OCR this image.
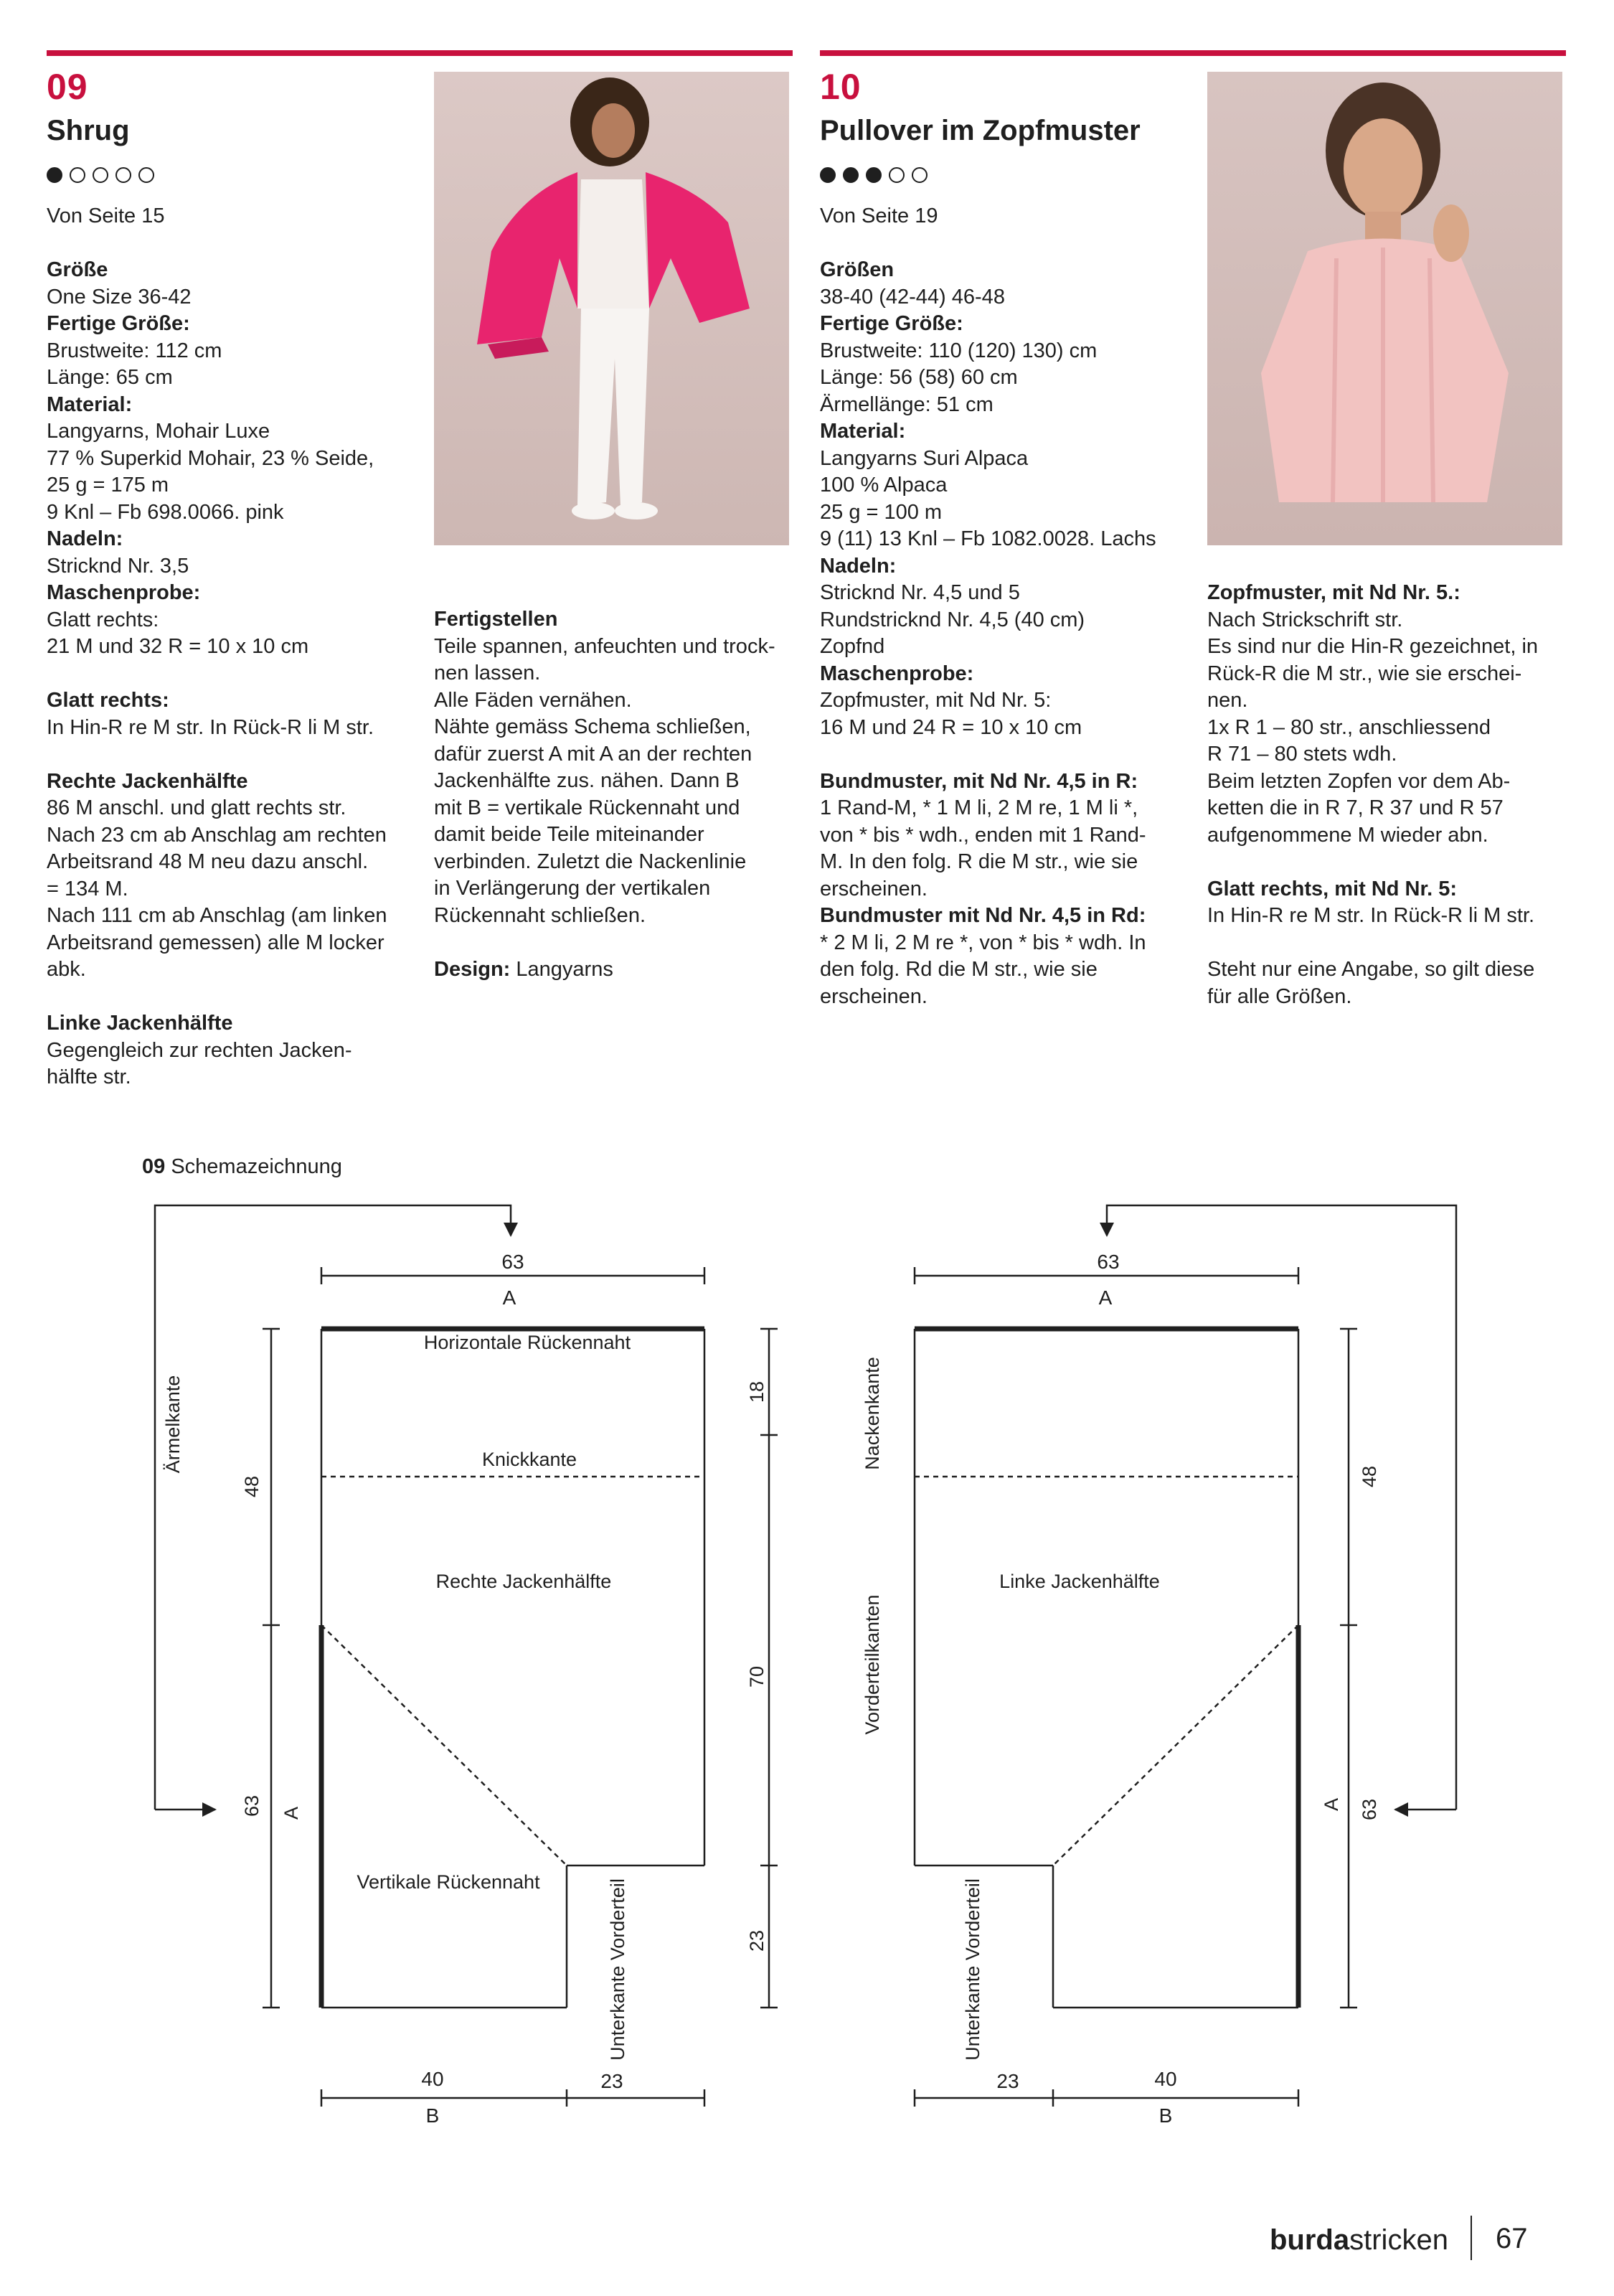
09
Shrug
Von Seite 15
Größe
One Size 36-42
Fertige Größe:
Brustweite: 112 cm
Länge: 65 cm
Material:
Langyarns, Mohair Luxe
77 % Superkid Mohair, 23 % Seide,
25 g = 175 m
9 Knl – Fb 698.0066. pink
Nadeln:
Stricknd Nr. 3,5
Maschenprobe:
Glatt rechts:
21 M und 32 R = 10 x 10 cm
Glatt rechts:
In Hin-R re M str. In Rück-R li M str.
Rechte Jackenhälfte
86 M anschl. und glatt rechts str.
Nach 23 cm ab Anschlag am rechten
Arbeitsrand 48 M neu dazu anschl.
= 134 M.
Nach 111 cm ab Anschlag (am linken
Arbeitsrand gemessen) alle M locker
abk.
Linke Jackenhälfte
Gegengleich zur rechten Jacken-
hälfte str.
Fertigstellen
Teile spannen, anfeuchten und trock-
nen lassen.
Alle Fäden vernähen.
Nähte gemäss Schema schließen,
dafür zuerst A mit A an der rechten
Jackenhälfte zus. nähen. Dann B
mit B = vertikale Rückennaht und
damit beide Teile miteinander
verbinden. Zuletzt die Nackenlinie
in Verlängerung der vertikalen
Rückennaht schließen.
Design: Langyarns
10
Pullover im Zopfmuster
Von Seite 19
Größen
38-40 (42-44) 46-48
Fertige Größe:
Brustweite: 110 (120) 130) cm
Länge: 56 (58) 60 cm
Ärmellänge: 51 cm
Material:
Langyarns Suri Alpaca
100 % Alpaca
25 g = 100 m
9 (11) 13 Knl – Fb 1082.0028. Lachs
Nadeln:
Stricknd Nr. 4,5 und 5
Rundstricknd Nr. 4,5 (40 cm)
Zopfnd
Maschenprobe:
Zopfmuster, mit Nd Nr. 5:
16 M und 24 R = 10 x 10 cm
Bundmuster, mit Nd Nr. 4,5 in R:
1 Rand-M, * 1 M li, 2 M re, 1 M li *,
von * bis * wdh., enden mit 1 Rand-
M. In den folg. R die M str., wie sie
erscheinen.
Bundmuster mit Nd Nr. 4,5 in Rd:
* 2 M li, 2 M re *, von * bis * wdh. In
den folg. Rd die M str., wie sie
erscheinen.
Zopfmuster, mit Nd Nr. 5.:
Nach Strickschrift str.
Es sind nur die Hin-R gezeichnet, in
Rück-R die M str., wie sie erschei-
nen.
1x R 1 – 80 str., anschliessend
R 71 – 80 stets wdh.
Beim letzten Zopfen vor dem Ab-
ketten die in R 7, R 37 und R 57
aufgenommene M wieder abn.
Glatt rechts, mit Nd Nr. 5:
In Hin-R re M str. In Rück-R li M str.
Steht nur eine Angabe, so gilt diese
für alle Größen.
09 Schemazeichnung
63
A
48
63 A
Ärmelkante	18
70
23
Horizontale Rückennaht
Knickkante
Rechte Jackenhälfte
Vertikale Rückennaht	Unterkante Vorderteil
40	23
B
63
A
48
63
A
Nackenkante
Vorderteilkanten
Linke Jackenhälfte
Unterkante Vorderteil
23	40
B
burdastricken 67
